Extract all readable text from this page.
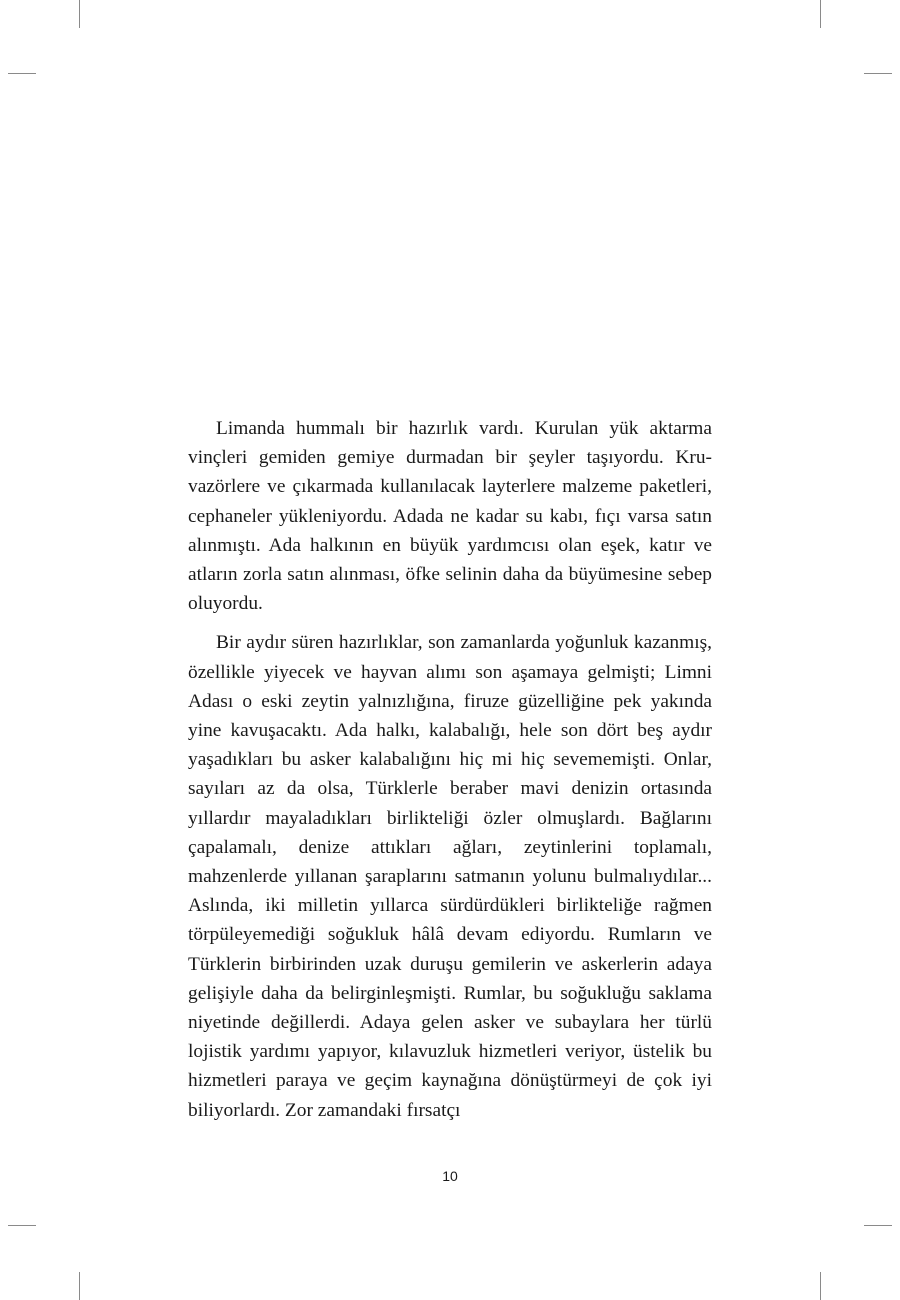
Limanda hummalı bir hazırlık vardı. Kurulan yük aktarma vinçleri gemiden gemiye durmadan bir şeyler taşıyordu. Kruvazörlere ve çıkarmada kullanılacak layterlere malzeme paketleri, cephaneler yükleniyordu. Adada ne kadar su kabı, fıçı varsa satın alınmıştı. Ada halkının en büyük yardımcısı olan eşek, katır ve atların zorla satın alınması, öfke selinin daha da büyümesine sebep oluyordu.

Bir aydır süren hazırlıklar, son zamanlarda yoğunluk kazanmış, özellikle yiyecek ve hayvan alımı son aşamaya gelmişti; Limni Adası o eski zeytin yalnızlığına, firuze güzelliğine pek yakında yine kavuşacaktı. Ada halkı, kalabalığı, hele son dört beş aydır yaşadıkları bu asker kalabalığını hiç mi hiç sevememişti. Onlar, sayıları az da olsa, Türklerle beraber mavi denizin ortasında yıllardır mayaladıkları birlikteliği özler olmuşlardı. Bağlarını çapalamalı, denize attıkları ağları, zeytinlerini toplamalı, mahzenlerde yıllanan şaraplarını satmanın yolunu bulmalıydılar... Aslında, iki milletin yıllarca sürdürdükleri birlikteliğe rağmen törpüleyemediği soğukluk hâlâ devam ediyordu. Rumların ve Türklerin birbirinden uzak duruşu gemilerin ve askerlerin adaya gelişiyle daha da belirginleşmişti. Rumlar, bu soğukluğu saklama niyetinde değillerdi. Adaya gelen asker ve subaylara her türlü lojistik yardımı yapıyor, kılavuzluk hizmetleri veriyor, üstelik bu hizmetleri paraya ve geçim kaynağına dönüştürmeyi de çok iyi biliyorlardı. Zor zamandaki fırsatçı

10
